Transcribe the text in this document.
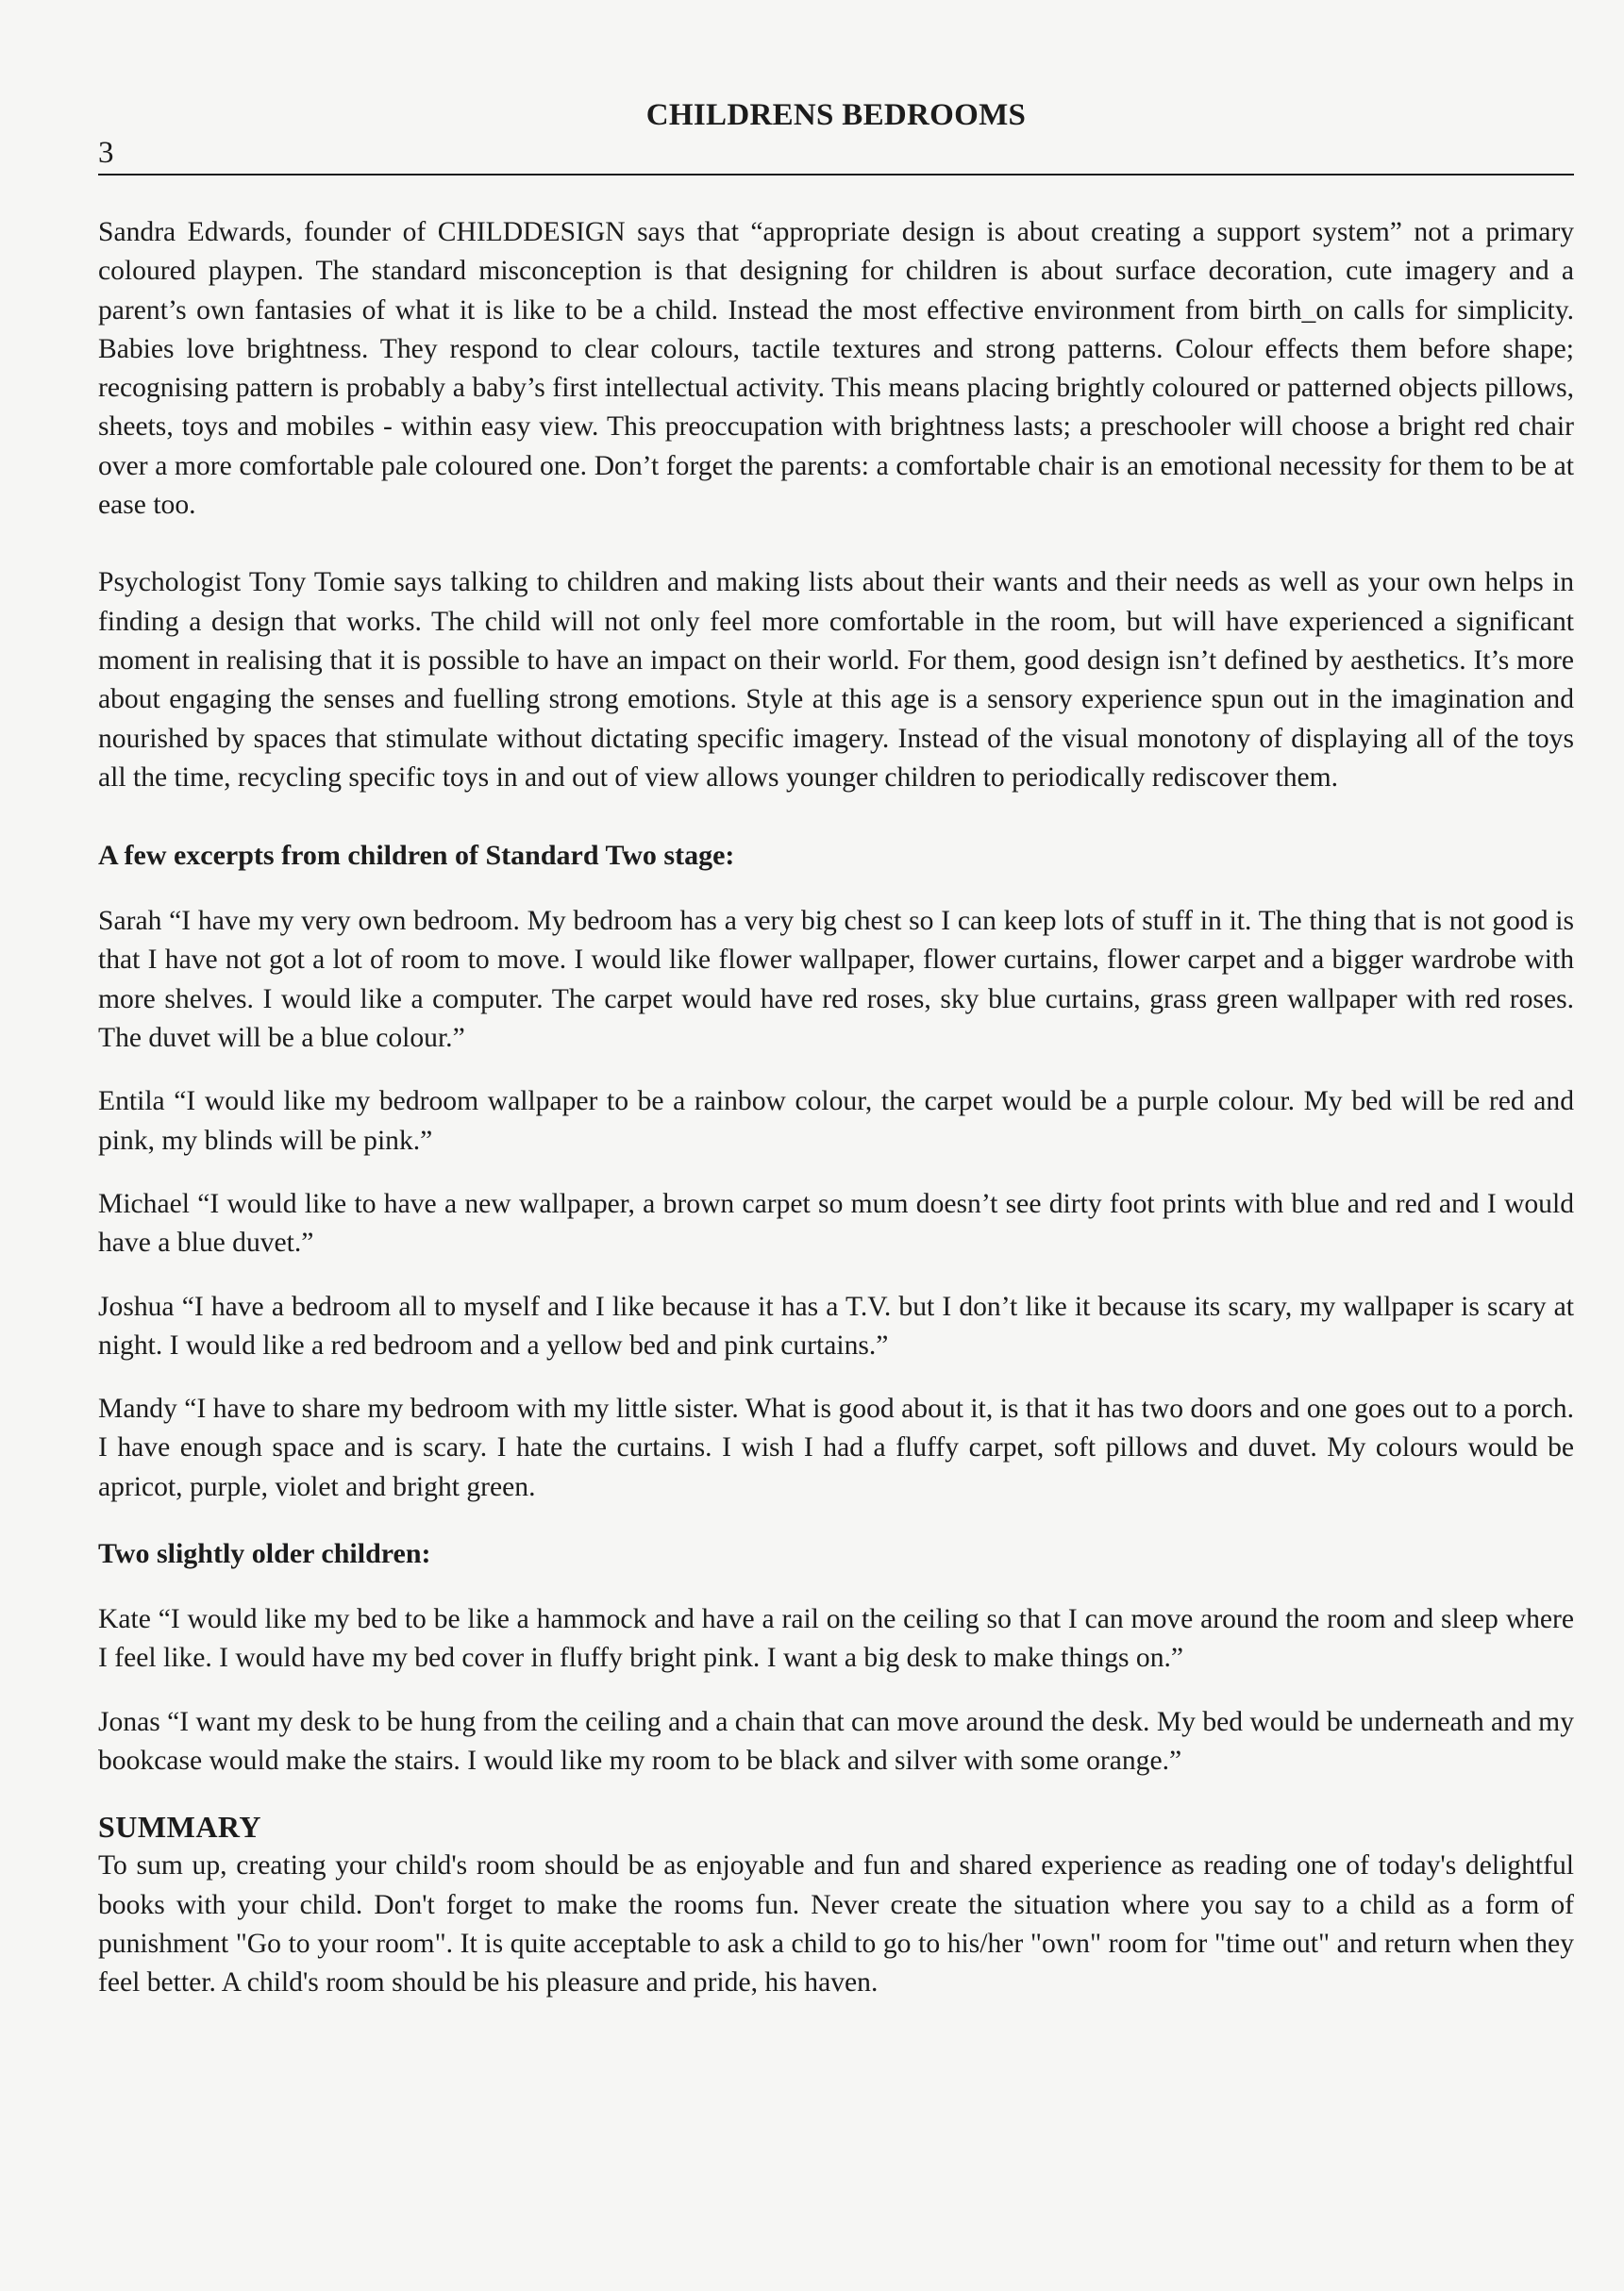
CHILDRENS BEDROOMS
3

Sandra Edwards, founder of CHILDDESIGN says that “appropriate design is about creating a support system” not a primary coloured playpen. The standard misconception is that designing for children is about surface decoration, cute imagery and a parent’s own fantasies of what it is like to be a child. Instead the most effective environment from birth_on calls for simplicity. Babies love brightness. They respond to clear colours, tactile textures and strong patterns. Colour effects them before shape; recognising pattern is probably a baby’s first intellectual activity. This means placing brightly coloured or patterned objects pillows, sheets, toys and mobiles - within easy view. This preoccupation with brightness lasts; a preschooler will choose a bright red chair over a more comfortable pale coloured one. Don’t forget the parents: a comfortable chair is an emotional necessity for them to be at ease too.

Psychologist Tony Tomie says talking to children and making lists about their wants and their needs as well as your own helps in finding a design that works. The child will not only feel more comfortable in the room, but will have experienced a significant moment in realising that it is possible to have an impact on their world. For them, good design isn’t defined by aesthetics. It’s more about engaging the senses and fuelling strong emotions. Style at this age is a sensory experience spun out in the imagination and nourished by spaces that stimulate without dictating specific imagery. Instead of the visual monotony of displaying all of the toys all the time, recycling specific toys in and out of view allows younger children to periodically rediscover them.

A few excerpts from children of Standard Two stage:

Sarah “I have my very own bedroom. My bedroom has a very big chest so I can keep lots of stuff in it. The thing that is not good is that I have not got a lot of room to move. I would like flower wallpaper, flower curtains, flower carpet and a bigger wardrobe with more shelves. I would like a computer. The carpet would have red roses, sky blue curtains, grass green wallpaper with red roses. The duvet will be a blue colour.”

Entila “I would like my bedroom wallpaper to be a rainbow colour, the carpet would be a purple colour. My bed will be red and pink, my blinds will be pink.”

Michael “I would like to have a new wallpaper, a brown carpet so mum doesn’t see dirty foot prints with blue and red and I would have a blue duvet.”

Joshua “I have a bedroom all to myself and I like because it has a T.V. but I don’t like it because its scary, my wallpaper is scary at night. I would like a red bedroom and a yellow bed and pink curtains.”

Mandy “I have to share my bedroom with my little sister. What is good about it, is that it has two doors and one goes out to a porch. I have enough space and is scary. I hate the curtains. I wish I had a fluffy carpet, soft pillows and duvet. My colours would be apricot, purple, violet and bright green.

Two slightly older children:

Kate “I would like my bed to be like a hammock and have a rail on the ceiling so that I can move around the room and sleep where I feel like. I would have my bed cover in fluffy bright pink. I want a big desk to make things on.”

Jonas “I want my desk to be hung from the ceiling and a chain that can move around the desk. My bed would be underneath and my bookcase would make the stairs. I would like my room to be black and silver with some orange.”

SUMMARY

To sum up, creating your child's room should be as enjoyable and fun and shared experience as reading one of today's delightful books with your child. Don't forget to make the rooms fun. Never create the situation where you say to a child as a form of punishment "Go to your room". It is quite acceptable to ask a child to go to his/her "own" room for "time out" and return when they feel better. A child's room should be his pleasure and pride, his haven.
